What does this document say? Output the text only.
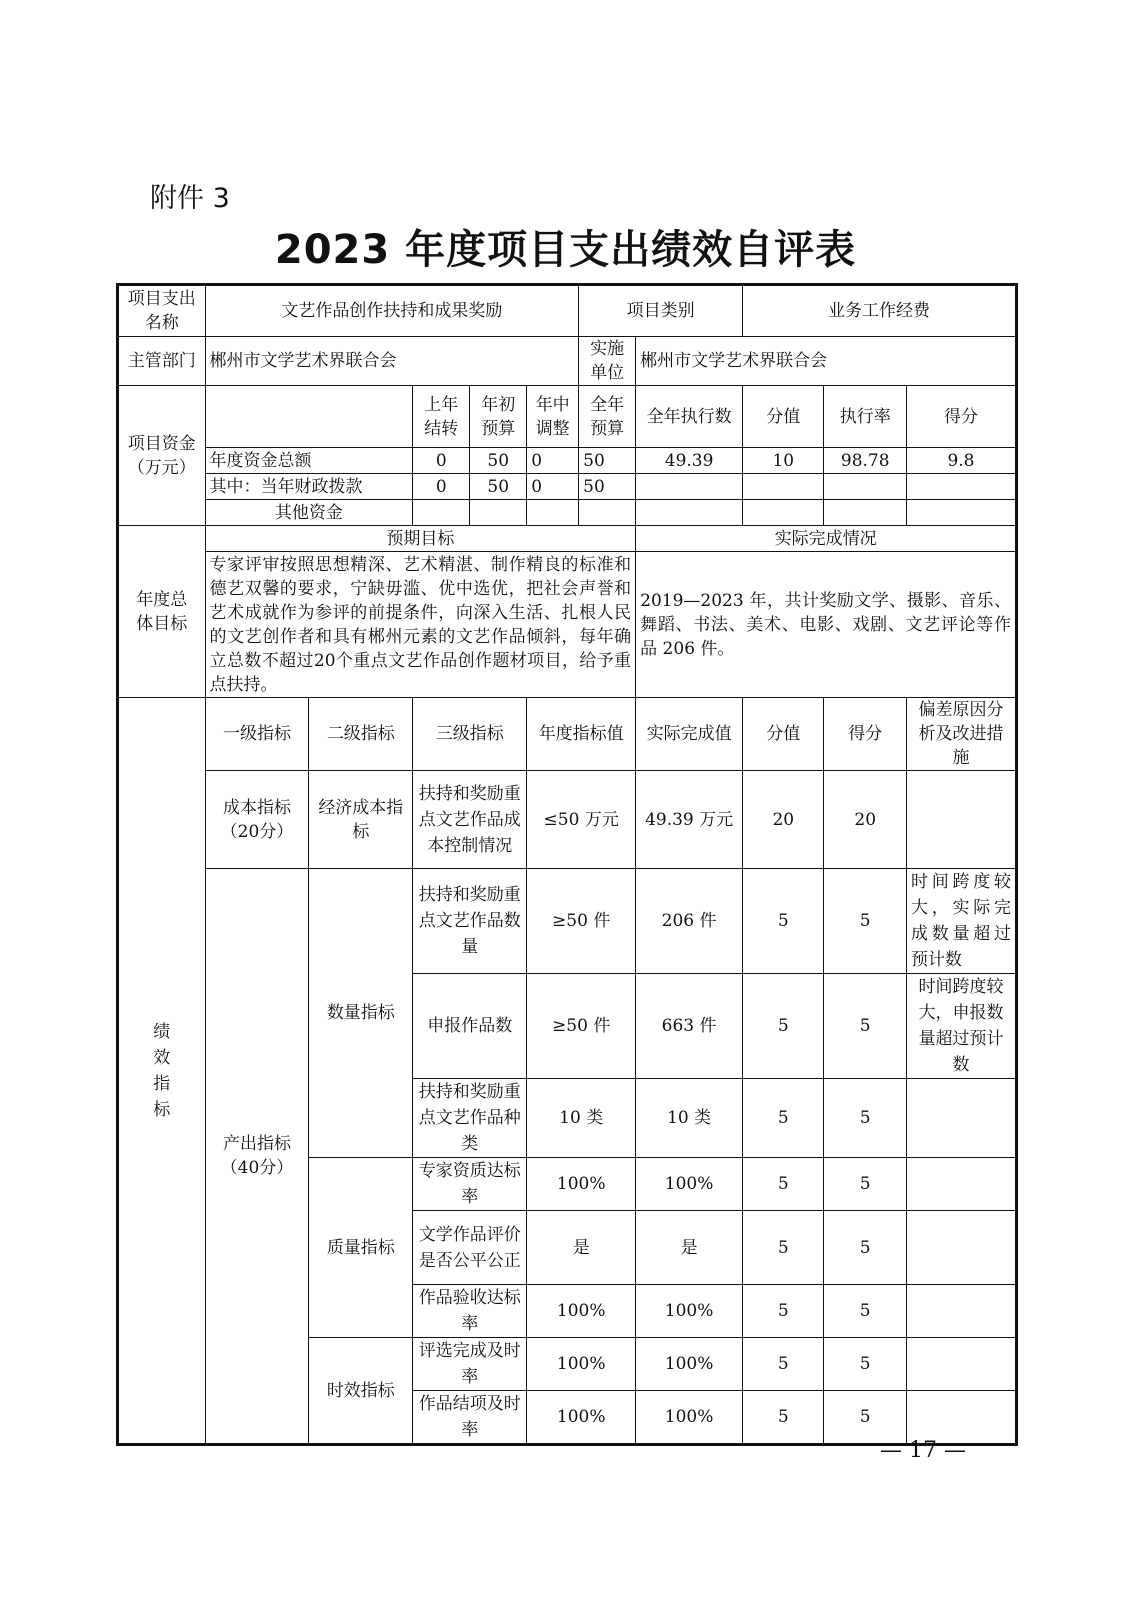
附件 3
2023 年度项目支出绩效自评表
项目支出名称	文艺作品创作扶持和成果奖励					项目类别		业务工作经费		
主管部门	郴州市文学艺术界联合会					实施单位	郴州市文学艺术界联合会			
项目资金（万元）			上年结转	年初预算	年中调整	全年预算	全年执行数	分值	执行率	得分
	年度资金总额		0	50	0	50	49.39	10	98.78	9.8
	其中：当年财政拨款		0	50	0	50				
	其他资金									
年度总体目标	预期目标						实际完成情况			
	专家评审按照思想精深、艺术精湛、制作精良的标准和德艺双馨的要求，宁缺毋滥、优中选优，把社会声誉和艺术成就作为参评的前提条件，向深入生活、扎根人民的文艺创作者和具有郴州元素的文艺作品倾斜，每年确立总数不超过20个重点文艺作品创作题材项目，给予重点扶持。						2019—2023 年，共计奖励文学、摄影、音乐、舞蹈、书法、美术、电影、戏剧、文艺评论等作品 206 件。			
绩效指标	一级指标	二级指标	三级指标		年度指标值		实际完成值	分值	得分	偏差原因分析及改进措施
	成本指标（20分）	经济成本指标	扶持和奖励重点文艺作品成本控制情况		≤50 万元		49.39 万元	20	20	
	产出指标（40分）	数量指标	扶持和奖励重点文艺作品数量		≥50 件		206 件	5	5	时间跨度较大，实际完成数量超过预计数
			申报作品数		≥50 件		663 件	5	5	时间跨度较大，申报数量超过预计数
			扶持和奖励重点文艺作品种类		10 类		10 类	5	5	
		质量指标	专家资质达标率		100%		100%	5	5	
			文学作品评价是否公平公正		是		是	5	5	
			作品验收达标率		100%		100%	5	5	
		时效指标	评选完成及时率		100%		100%	5	5	
			作品结项及时率		100%		100%	5	5	
— 17 —
